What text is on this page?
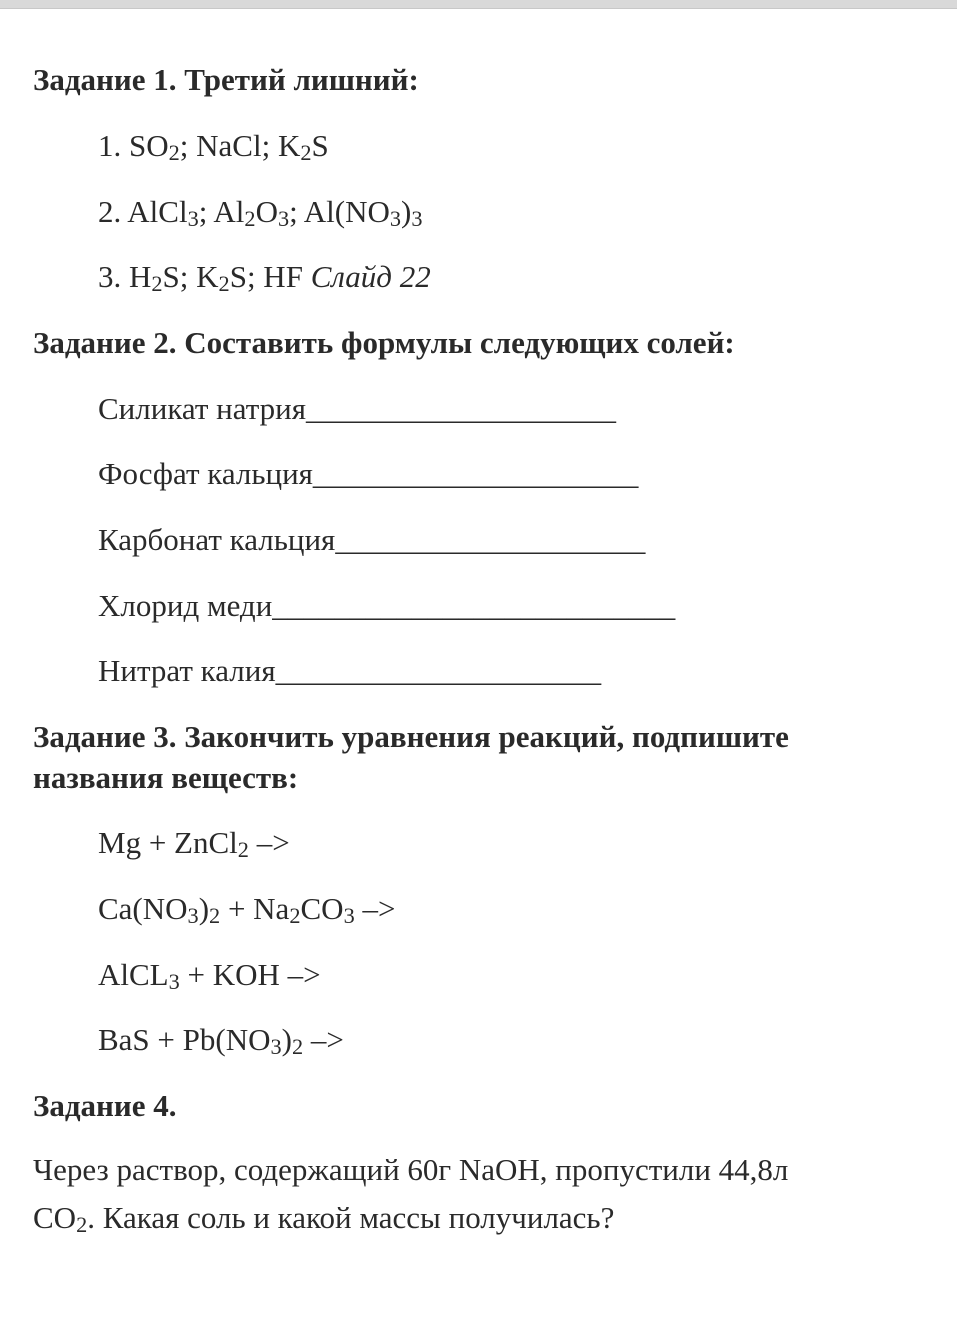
Задание 1. Третий лишний:
1. $SO_2$; NaCl; $K_2S$
2. AlCl$_3$; $Al_2O_3$; $Al(NO_3)_3$
3. $H_2S$; $K_2S$; HF Слайд 22
Задание 2. Составить формулы следующих солей:
Силикат натрия____________________
Фосфат кальция_____________________
Карбонат кальция____________________
Хлорид меди__________________________
Нитрат калия_____________________
Задание 3. Закончить уравнения реакций, подпишите
названия веществ:
Mg + ZnCl$_2$ –>
$Ca(NO_3)_2 + Na_2CO_3$ –>
AlCL$_3$ + KOH –>
BaS + $Pb(NO_3)_2$ –>
Задание 4.
Через раствор, содержащий 60г NaOH, пропустили 44,8л
$CO_2$. Какая соль и какой массы получилась?
